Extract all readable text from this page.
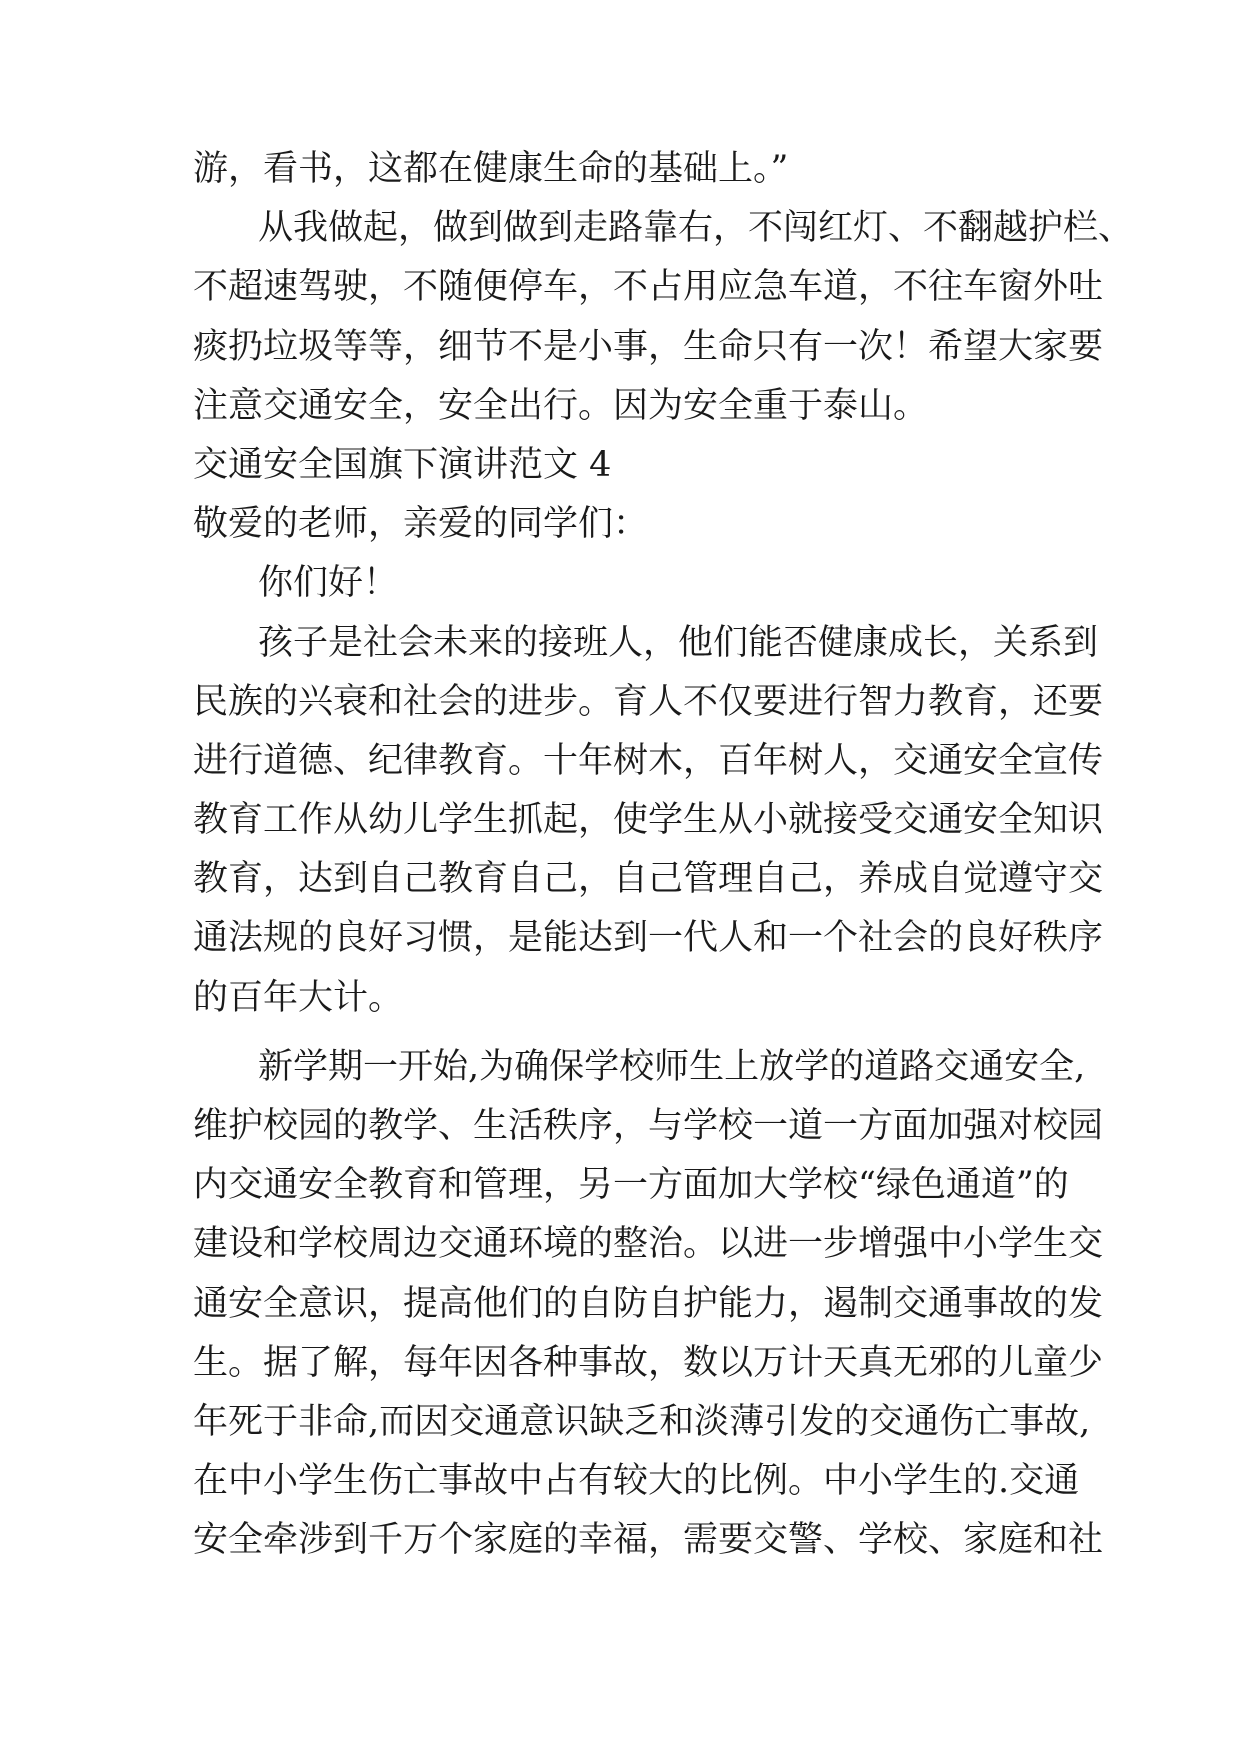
游，看书，这都在健康生命的基础上。”
从我做起，做到做到走路靠右，不闯红灯、不翻越护栏、
不超速驾驶，不随便停车，不占用应急车道，不往车窗外吐
痰扔垃圾等等，细节不是小事，生命只有一次！希望大家要
注意交通安全，安全出行。因为安全重于泰山。
交通安全国旗下演讲范文 4
敬爱的老师，亲爱的同学们：
你们好！
孩子是社会未来的接班人，他们能否健康成长，关系到
民族的兴衰和社会的进步。育人不仅要进行智力教育，还要
进行道德、纪律教育。十年树木，百年树人，交通安全宣传
教育工作从幼儿学生抓起，使学生从小就接受交通安全知识
教育，达到自己教育自己，自己管理自己，养成自觉遵守交
通法规的良好习惯，是能达到一代人和一个社会的良好秩序
的百年大计。
新学期一开始,为确保学校师生上放学的道路交通安全,
维护校园的教学、生活秩序，与学校一道一方面加强对校园
内交通安全教育和管理，另一方面加大学校“绿色通道”的
建设和学校周边交通环境的整治。以进一步增强中小学生交
通安全意识，提高他们的自防自护能力，遏制交通事故的发
生。据了解，每年因各种事故，数以万计天真无邪的儿童少
年死于非命,而因交通意识缺乏和淡薄引发的交通伤亡事故,
在中小学生伤亡事故中占有较大的比例。中小学生的.交通
安全牵涉到千万个家庭的幸福，需要交警、学校、家庭和社
